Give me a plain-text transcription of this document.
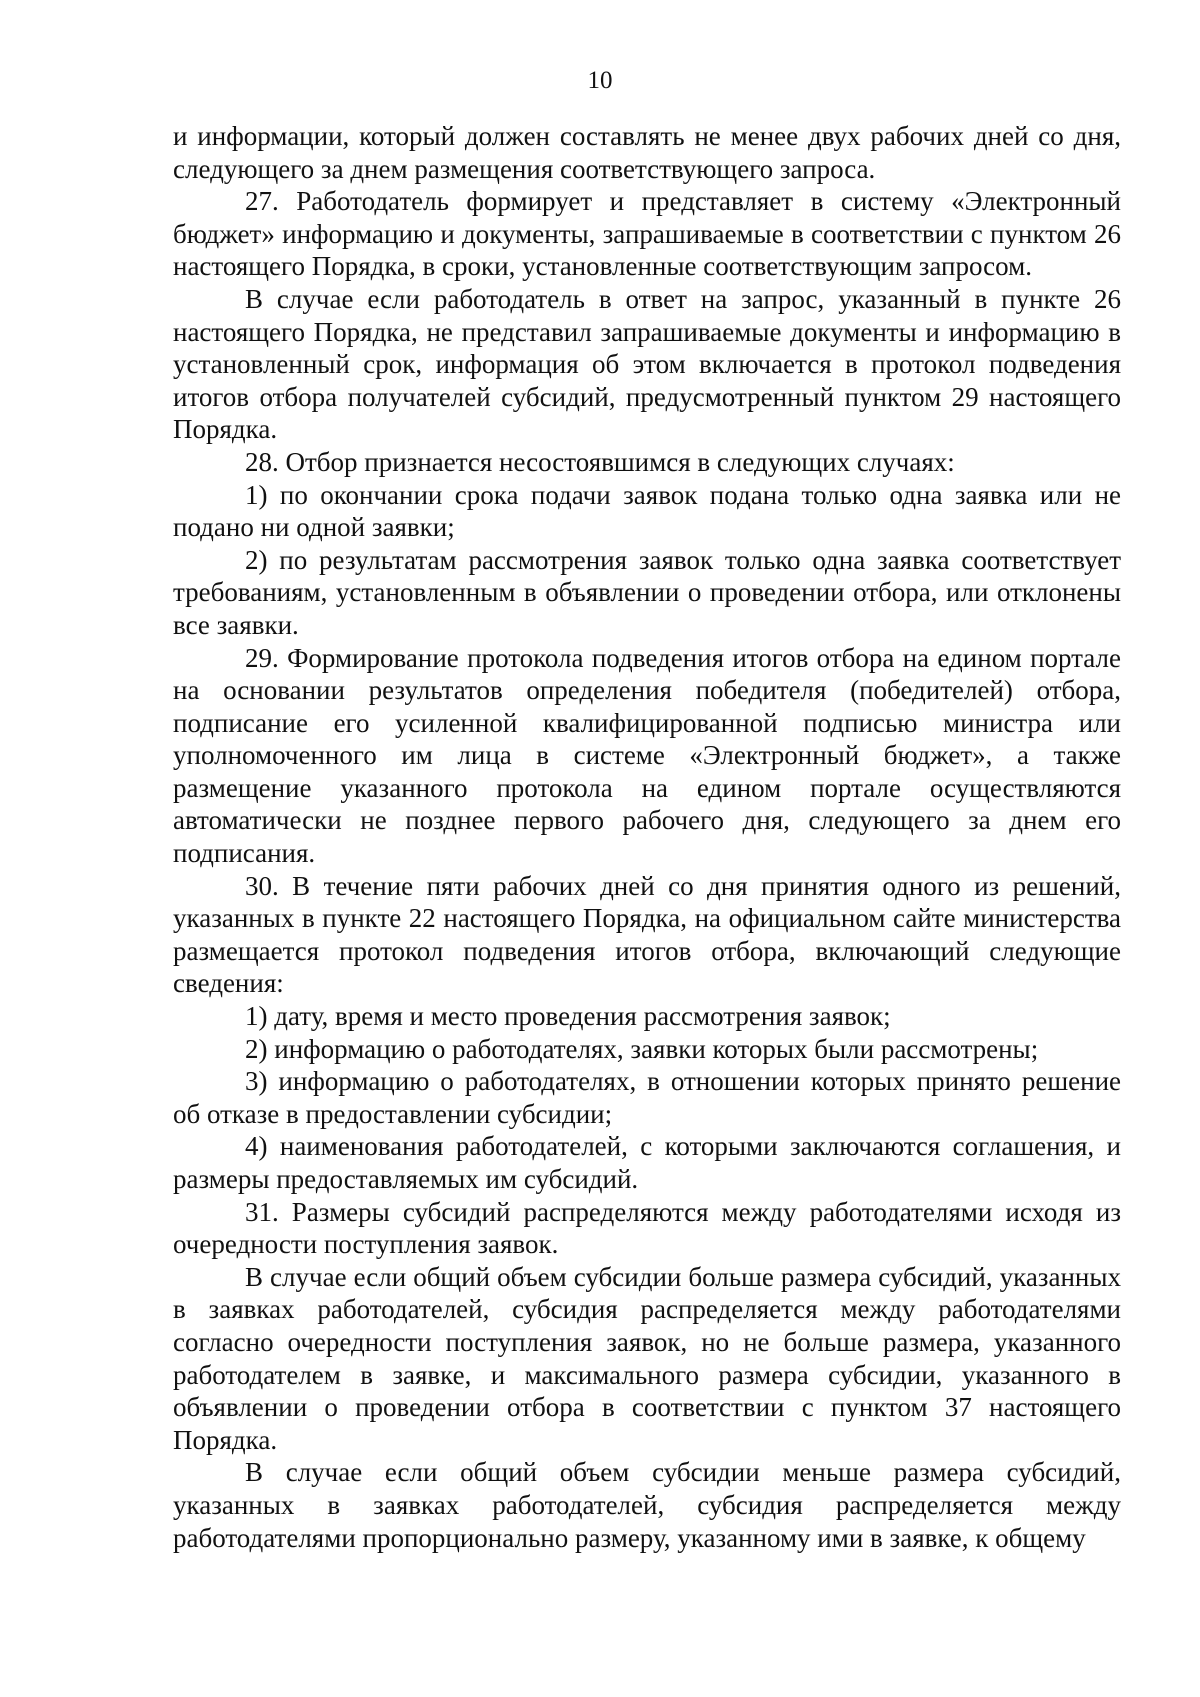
10

и информации, который должен составлять не менее двух рабочих дней со дня, следующего за днем размещения соответствующего запроса.

27. Работодатель формирует и представляет в систему «Электронный бюджет» информацию и документы, запрашиваемые в соответствии с пунктом 26 настоящего Порядка, в сроки, установленные соответствующим запросом.

В случае если работодатель в ответ на запрос, указанный в пункте 26 настоящего Порядка, не представил запрашиваемые документы и информацию в установленный срок, информация об этом включается в протокол подведения итогов отбора получателей субсидий, предусмотренный пунктом 29 настоящего Порядка.

28. Отбор признается несостоявшимся в следующих случаях:

1) по окончании срока подачи заявок подана только одна заявка или не подано ни одной заявки;

2) по результатам рассмотрения заявок только одна заявка соответствует требованиям, установленным в объявлении о проведении отбора, или отклонены все заявки.

29. Формирование протокола подведения итогов отбора на едином портале на основании результатов определения победителя (победителей) отбора, подписание его усиленной квалифицированной подписью министра или уполномоченного им лица в системе «Электронный бюджет», а также размещение указанного протокола на едином портале осуществляются автоматически не позднее первого рабочего дня, следующего за днем его подписания.

30. В течение пяти рабочих дней со дня принятия одного из решений, указанных в пункте 22 настоящего Порядка, на официальном сайте министерства размещается протокол подведения итогов отбора, включающий следующие сведения:

1) дату, время и место проведения рассмотрения заявок;

2) информацию о работодателях, заявки которых были рассмотрены;

3) информацию о работодателях, в отношении которых принято решение об отказе в предоставлении субсидии;

4) наименования работодателей, с которыми заключаются соглашения, и размеры предоставляемых им субсидий.

31. Размеры субсидий распределяются между работодателями исходя из очередности поступления заявок.

В случае если общий объем субсидии больше размера субсидий, указанных в заявках работодателей, субсидия распределяется между работодателями согласно очередности поступления заявок, но не больше размера, указанного работодателем в заявке, и максимального размера субсидии, указанного в объявлении о проведении отбора в соответствии с пунктом 37 настоящего Порядка.

В случае если общий объем субсидии меньше размера субсидий, указанных в заявках работодателей, субсидия распределяется между работодателями пропорционально размеру, указанному ими в заявке, к общему
